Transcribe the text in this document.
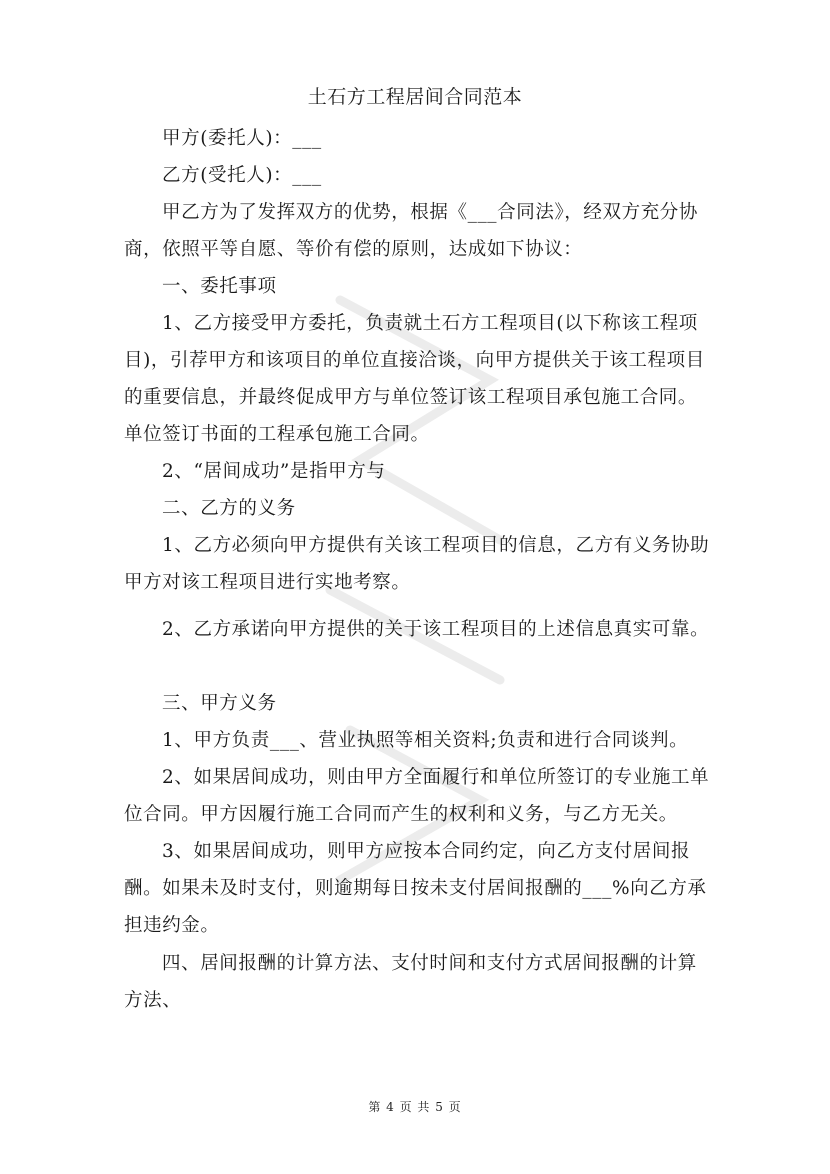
土石方工程居间合同范本

甲方(委托人)：___

乙方(受托人)：___

甲乙方为了发挥双方的优势，根据《___合同法》，经双方充分协商，依照平等自愿、等价有偿的原则，达成如下协议：

一、委托事项

1、乙方接受甲方委托，负责就土石方工程项目(以下称该工程项目)，引荐甲方和该项目的单位直接洽谈，向甲方提供关于该工程项目的重要信息，并最终促成甲方与单位签订该工程项目承包施工合同。单位签订书面的工程承包施工合同。

2、“居间成功”是指甲方与

二、乙方的义务

1、乙方必须向甲方提供有关该工程项目的信息，乙方有义务协助甲方对该工程项目进行实地考察。

2、乙方承诺向甲方提供的关于该工程项目的上述信息真实可靠。

三、甲方义务

1、甲方负责___、营业执照等相关资料;负责和进行合同谈判。

2、如果居间成功，则由甲方全面履行和单位所签订的专业施工单位合同。甲方因履行施工合同而产生的权利和义务，与乙方无关。

3、如果居间成功，则甲方应按本合同约定，向乙方支付居间报酬。如果未及时支付，则逾期每日按未支付居间报酬的___%向乙方承担违约金。

四、居间报酬的计算方法、支付时间和支付方式居间报酬的计算方法、

第 4 页 共 5 页
